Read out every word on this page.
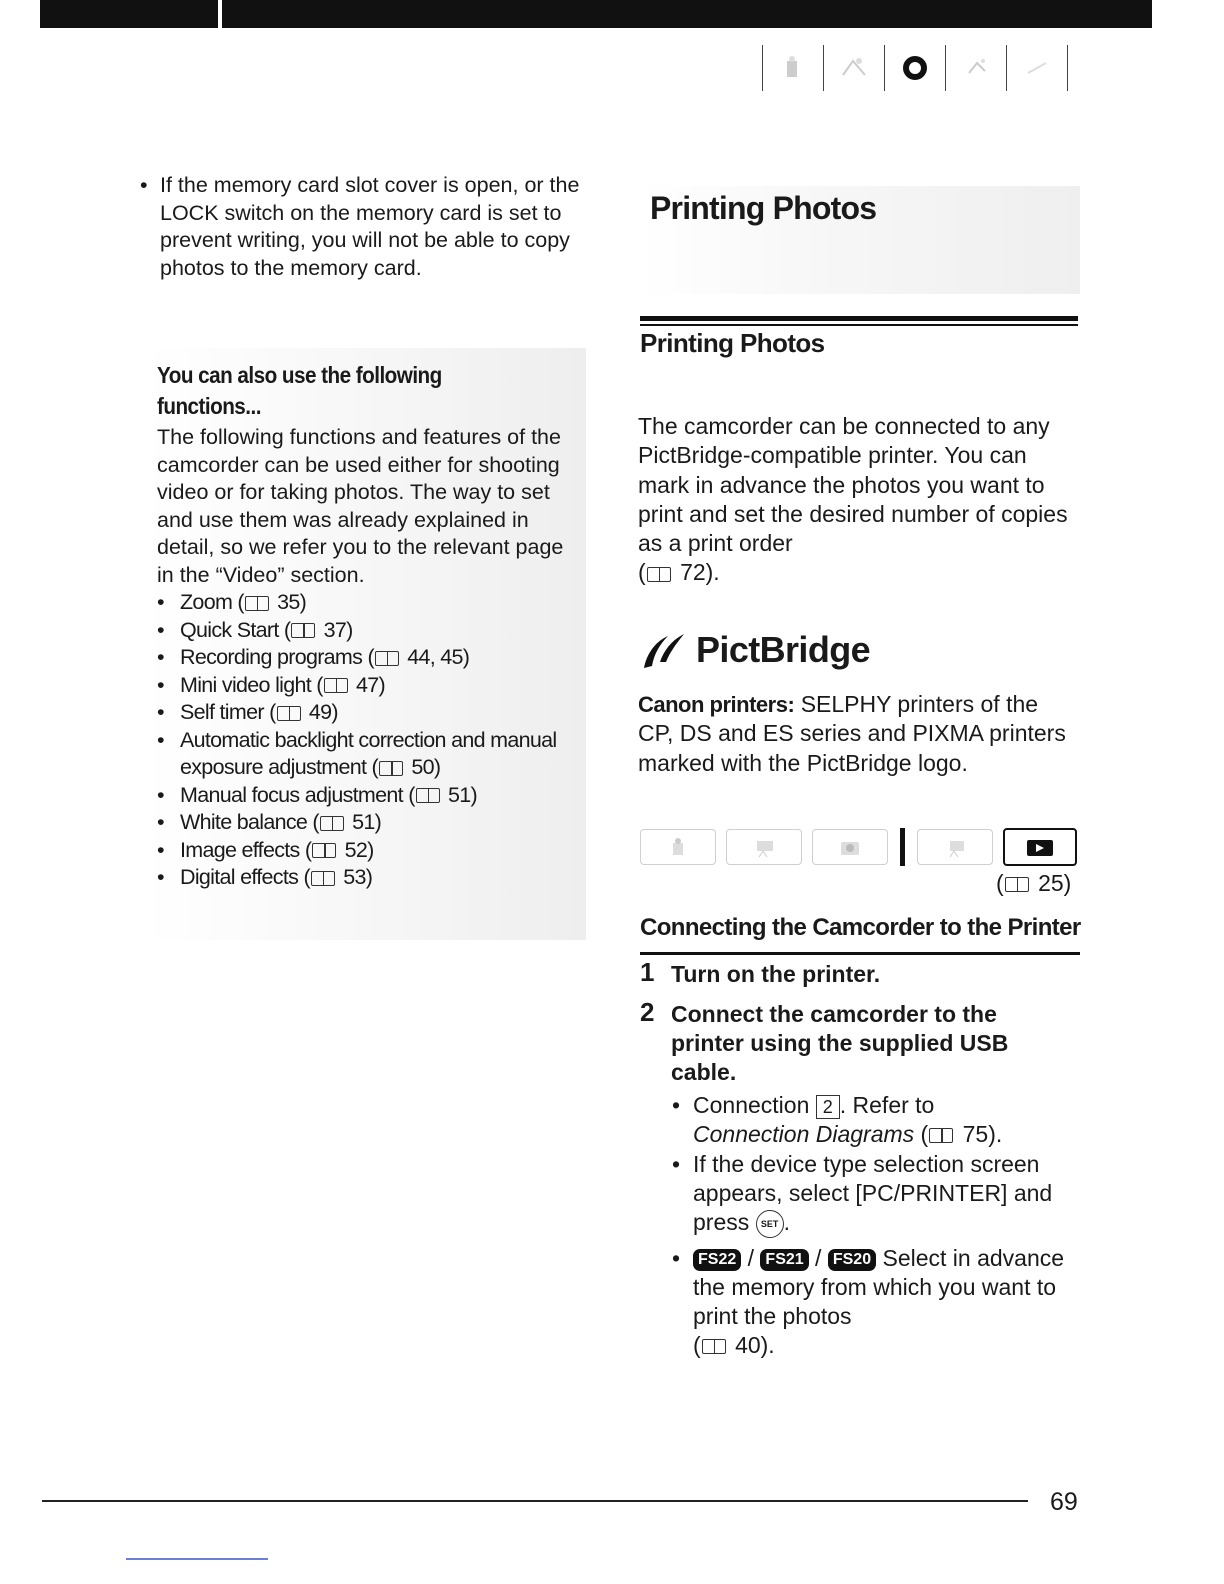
• If the memory card slot cover is open, or the LOCK switch on the memory card is set to prevent writing, you will not be able to copy photos to the memory card.
You can also use the following functions...
The following functions and features of the camcorder can be used either for shooting video or for taking photos. The way to set and use them was already explained in detail, so we refer you to the relevant page in the “Video” section.
• Zoom ( 35)
• Quick Start ( 37)
• Recording programs ( 44, 45)
• Mini video light ( 47)
• Self timer ( 49)
• Automatic backlight correction and manual exposure adjustment ( 50)
• Manual focus adjustment ( 51)
• White balance ( 51)
• Image effects ( 52)
• Digital effects ( 53)
Printing Photos
Printing Photos
The camcorder can be connected to any PictBridge-compatible printer. You can mark in advance the photos you want to print and set the desired number of copies as a print order
( 72).
PictBridge
Canon printers: SELPHY printers of the CP, DS and ES series and PIXMA printers marked with the PictBridge logo.
( 25)
Connecting the Camcorder to the Printer
1 Turn on the printer.
2 Connect the camcorder to the printer using the supplied USB cable.
• Connection 2 . Refer to
Connection Diagrams ( 75).
• If the device type selection screen appears, select [PC/PRINTER] and press SET .
•	FS22 / FS21 / FS20 Select in advance the memory from which you want to print the photos
( 40).
69
